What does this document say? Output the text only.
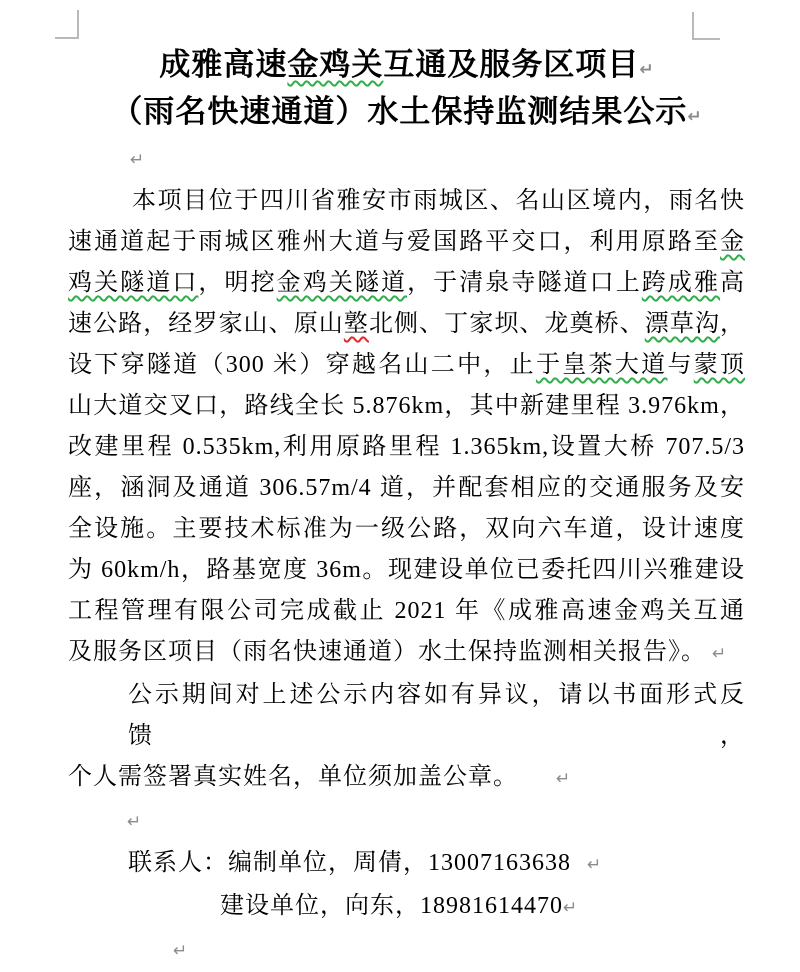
成雅高速金鸡关互通及服务区项目↵
（雨名快速通道）水土保持监测结果公示↵
↵
本项目位于四川省雅安市雨城区、名山区境内，雨名快
速通道起于雨城区雅州大道与爱国路平交口，利用原路至金
鸡关隧道口，明挖金鸡关隧道，于清泉寺隧道口上跨成雅高
速公路，经罗家山、原山墪北侧、丁家坝、龙奠桥、漂草沟，
设下穿隧道（300 米）穿越名山二中，止于皇茶大道与蒙顶
山大道交叉口，路线全长 5.876km，其中新建里程 3.976km，
改建里程 0.535km,利用原路里程 1.365km,设置大桥 707.5/3
座，涵洞及通道 306.57m/4 道，并配套相应的交通服务及安
全设施。主要技术标准为一级公路，双向六车道，设计速度
为 60km/h，路基宽度 36m。现建设单位已委托四川兴雅建设
工程管理有限公司完成截止 2021 年《成雅高速金鸡关互通
及服务区项目（雨名快速通道）水土保持监测相关报告》。 ↵
公示期间对上述公示内容如有异议，请以书面形式反馈，
个人需签署真实姓名，单位须加盖公章。 ↵
↵
联系人：编制单位，周倩，13007163638 ↵
建设单位，向东，18981614470↵
↵
